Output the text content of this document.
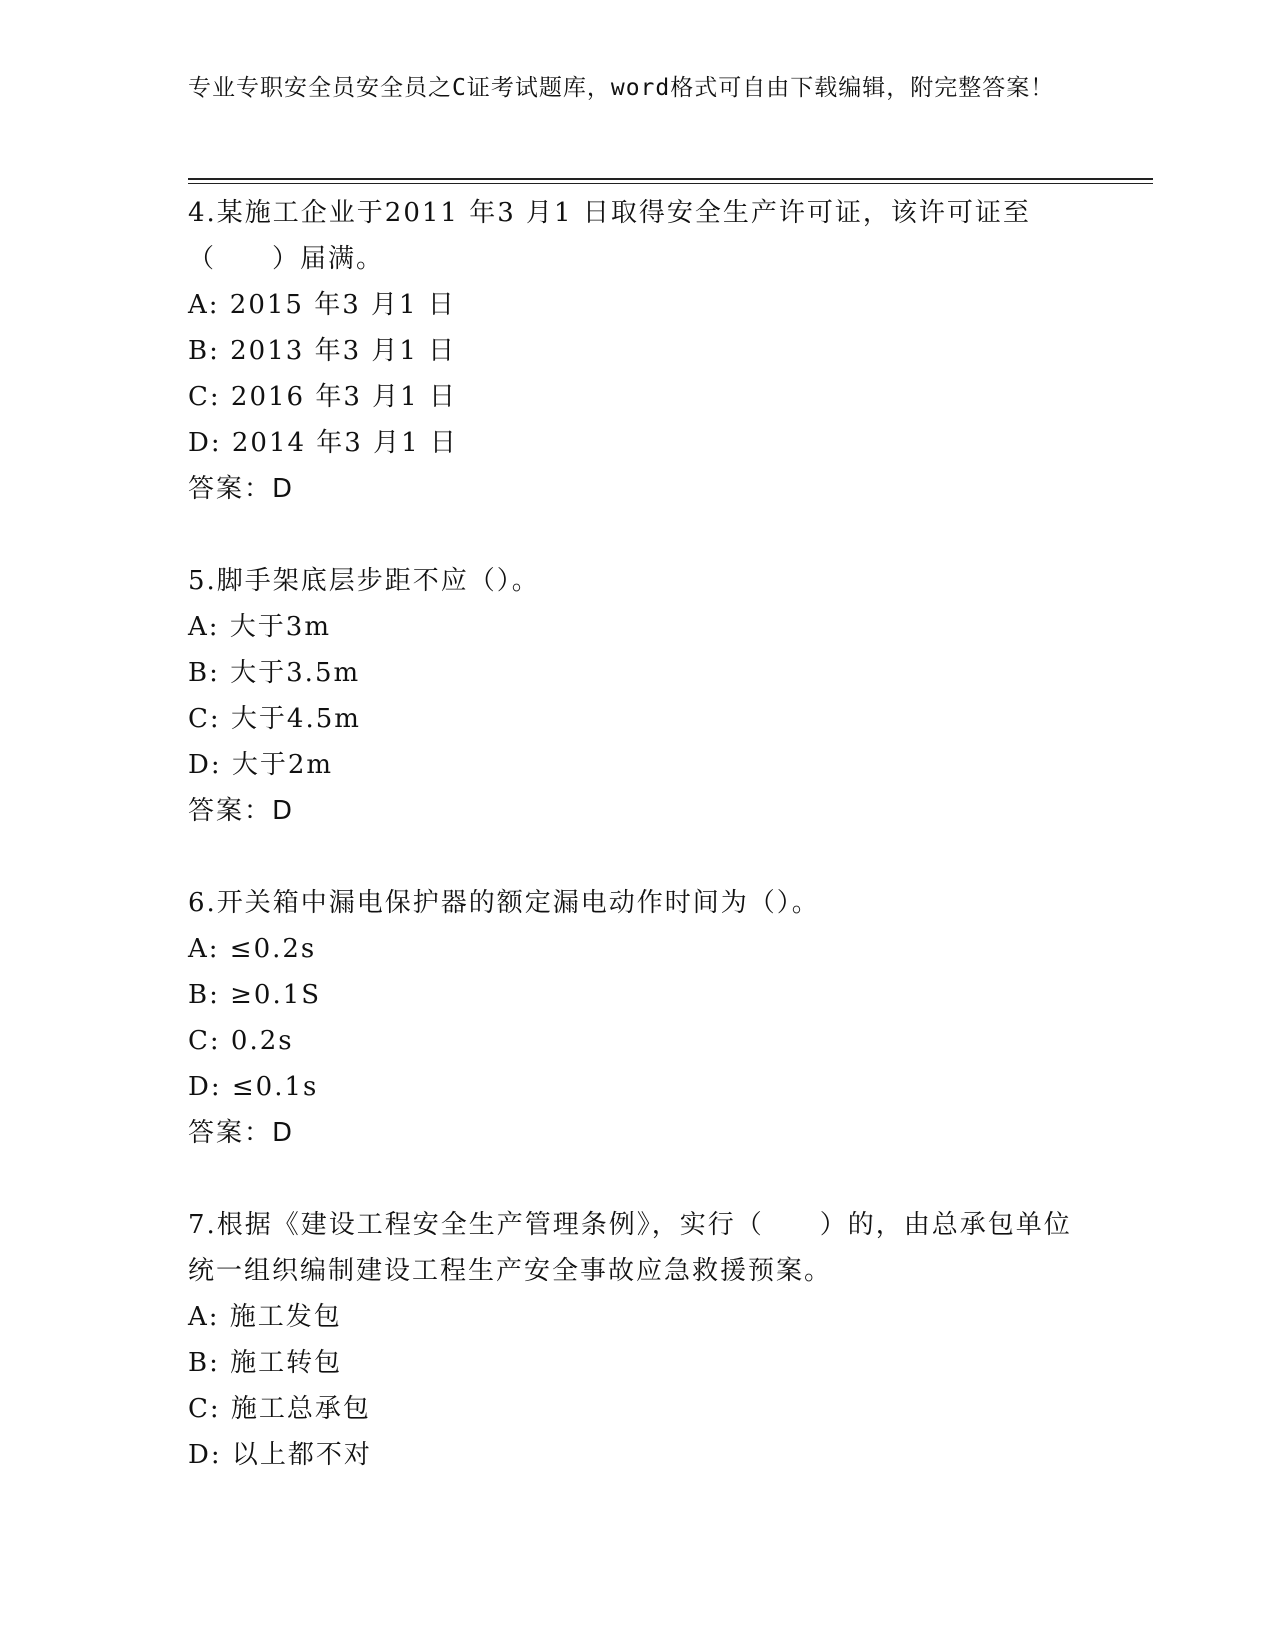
专业专职安全员安全员之C证考试题库，word格式可自由下载编辑，附完整答案！

4.某施工企业于2011 年3 月1 日取得安全生产许可证，该许可证至（　　）届满。

A: 2015 年3 月1 日

B: 2013 年3 月1 日

C: 2016 年3 月1 日

D: 2014 年3 月1 日

答案：D

5.脚手架底层步距不应（）。

A: 大于3m

B: 大于3.5m

C: 大于4.5m

D: 大于2m

答案：D

6.开关箱中漏电保护器的额定漏电动作时间为（）。

A: ≤0.2s

B: ≥0.1S

C: 0.2s

D: ≤0.1s

答案：D

7.根据《建设工程安全生产管理条例》，实行（　　）的，由总承包单位统一组织编制建设工程生产安全事故应急救援预案。

A: 施工发包

B: 施工转包

C: 施工总承包

D: 以上都不对
